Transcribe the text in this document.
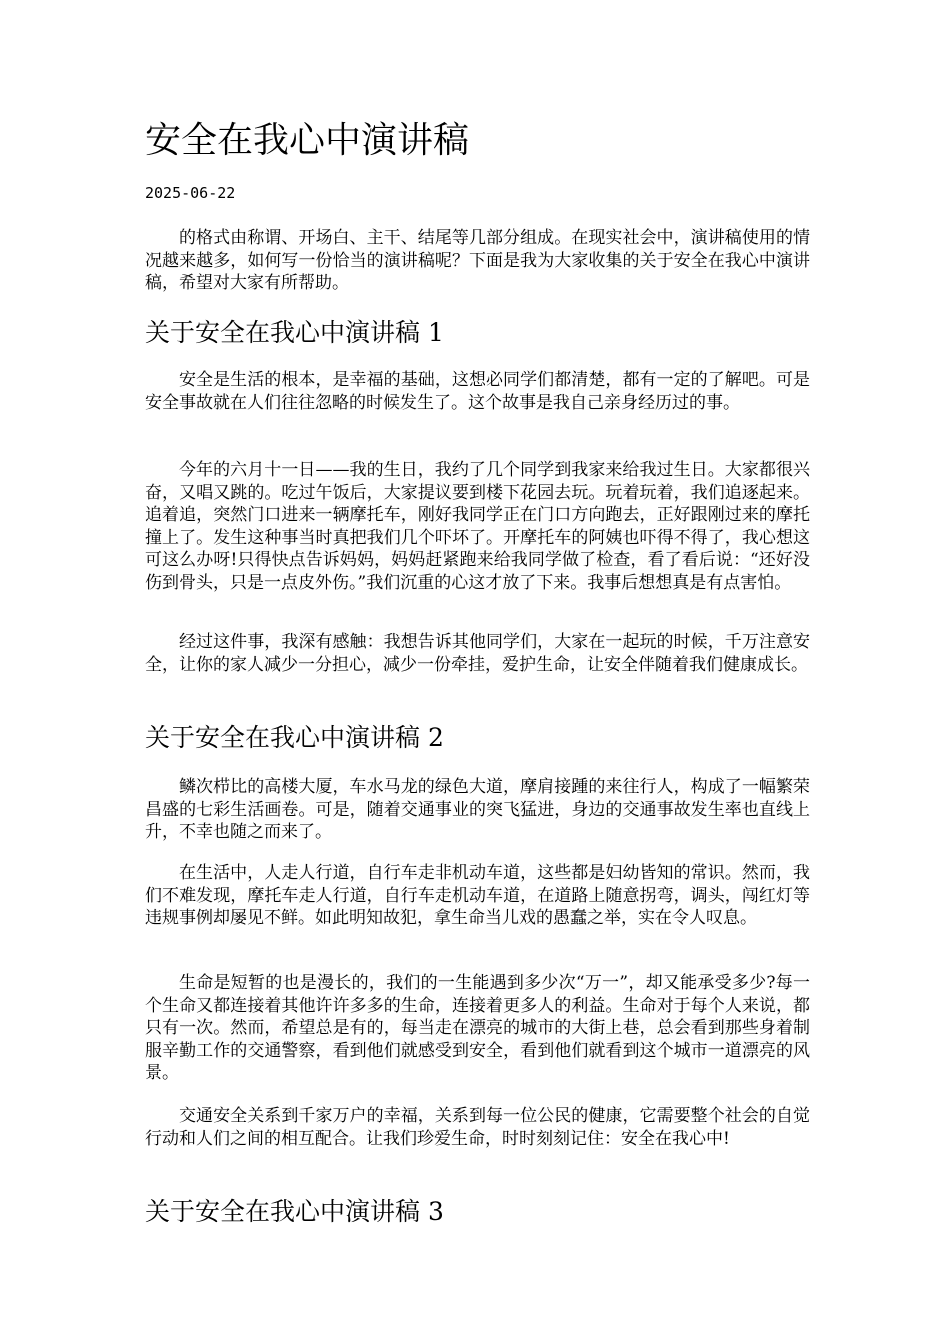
安全在我心中演讲稿
2025-06-22

的格式由称谓、开场白、主干、结尾等几部分组成。在现实社会中，演讲稿使用的情况越来越多，如何写一份恰当的演讲稿呢？下面是我为大家收集的关于安全在我心中演讲稿，希望对大家有所帮助。

关于安全在我心中演讲稿 1

安全是生活的根本，是幸福的基础，这想必同学们都清楚，都有一定的了解吧。可是安全事故就在人们往往忽略的时候发生了。这个故事是我自己亲身经历过的事。

今年的六月十一日——我的生日，我约了几个同学到我家来给我过生日。大家都很兴奋，又唱又跳的。吃过午饭后，大家提议要到楼下花园去玩。玩着玩着，我们追逐起来。追着追，突然门口进来一辆摩托车，刚好我同学正在门口方向跑去，正好跟刚过来的摩托撞上了。发生这种事当时真把我们几个吓坏了。开摩托车的阿姨也吓得不得了，我心想这可这么办呀!只得快点告诉妈妈，妈妈赶紧跑来给我同学做了检查，看了看后说：“还好没伤到骨头，只是一点皮外伤。”我们沉重的心这才放了下来。我事后想想真是有点害怕。

经过这件事，我深有感触：我想告诉其他同学们，大家在一起玩的时候，千万注意安全，让你的家人减少一分担心，减少一份牵挂，爱护生命，让安全伴随着我们健康成长。

关于安全在我心中演讲稿 2

鳞次栉比的高楼大厦，车水马龙的绿色大道，摩肩接踵的来往行人，构成了一幅繁荣昌盛的七彩生活画卷。可是，随着交通事业的突飞猛进，身边的交通事故发生率也直线上升，不幸也随之而来了。

在生活中，人走人行道，自行车走非机动车道，这些都是妇幼皆知的常识。然而，我们不难发现，摩托车走人行道，自行车走机动车道，在道路上随意拐弯，调头，闯红灯等违规事例却屡见不鲜。如此明知故犯，拿生命当儿戏的愚蠢之举，实在令人叹息。

生命是短暂的也是漫长的，我们的一生能遇到多少次“万一”，却又能承受多少?每一个生命又都连接着其他许许多多的生命，连接着更多人的利益。生命对于每个人来说，都只有一次。然而，希望总是有的，每当走在漂亮的城市的大街上巷，总会看到那些身着制服辛勤工作的交通警察，看到他们就感受到安全，看到他们就看到这个城市一道漂亮的风景。

交通安全关系到千家万户的幸福，关系到每一位公民的健康，它需要整个社会的自觉行动和人们之间的相互配合。让我们珍爱生命，时时刻刻记住：安全在我心中!

关于安全在我心中演讲稿 3
